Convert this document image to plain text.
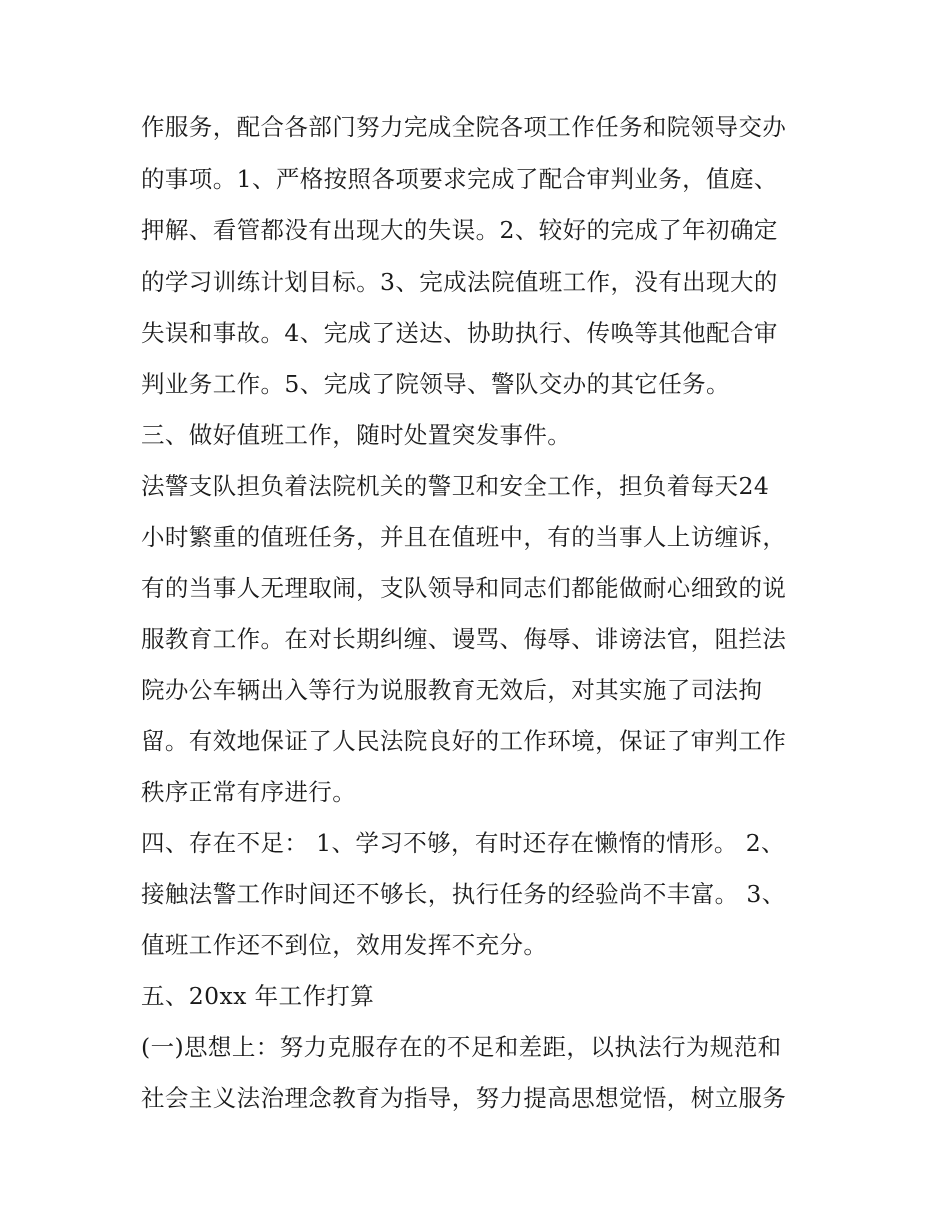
作服务，配合各部门努力完成全院各项工作任务和院领导交办
的事项。1、严格按照各项要求完成了配合审判业务，值庭、
押解、看管都没有出现大的失误。2、较好的完成了年初确定
的学习训练计划目标。3、完成法院值班工作，没有出现大的
失误和事故。4、完成了送达、协助执行、传唤等其他配合审
判业务工作。5、完成了院领导、警队交办的其它任务。
三、做好值班工作，随时处置突发事件。
法警支队担负着法院机关的警卫和安全工作，担负着每天24
小时繁重的值班任务，并且在值班中，有的当事人上访缠诉，
有的当事人无理取闹，支队领导和同志们都能做耐心细致的说
服教育工作。在对长期纠缠、谩骂、侮辱、诽谤法官，阻拦法
院办公车辆出入等行为说服教育无效后，对其实施了司法拘
留。有效地保证了人民法院良好的工作环境，保证了审判工作
秩序正常有序进行。
四、存在不足： 1、学习不够，有时还存在懒惰的情形。 2、
接触法警工作时间还不够长，执行任务的经验尚不丰富。 3、
值班工作还不到位，效用发挥不充分。
五、20xx 年工作打算
(一)思想上：努力克服存在的不足和差距，以执法行为规范和
社会主义法治理念教育为指导，努力提高思想觉悟，树立服务
